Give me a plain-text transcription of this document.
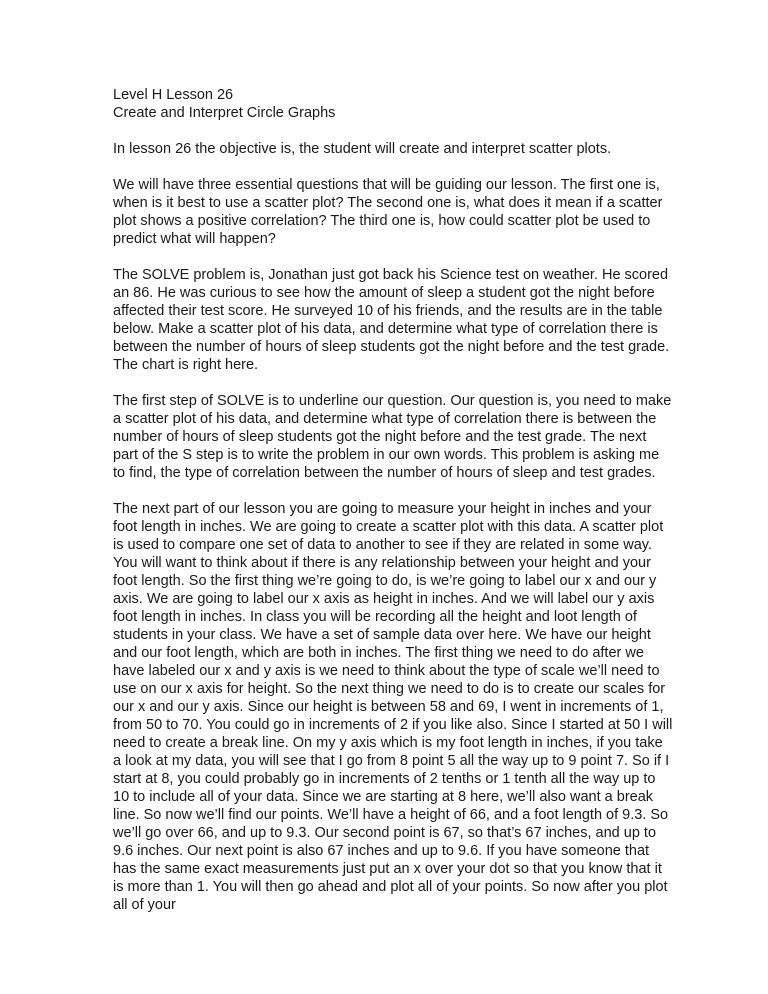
Level H Lesson 26

Create and Interpret Circle Graphs

In lesson 26 the objective is, the student will create and interpret scatter plots.

We will have three essential questions that will be guiding our lesson. The first one is, when is it best to use a scatter plot? The second one is, what does it mean if a scatter plot shows a positive correlation? The third one is, how could scatter plot be used to predict what will happen?

The SOLVE problem is, Jonathan just got back his Science test on weather. He scored an 86. He was curious to see how the amount of sleep a student got the night before affected their test score. He surveyed 10 of his friends, and the results are in the table below. Make a scatter plot of his data, and determine what type of correlation there is between the number of hours of sleep students got the night before and the test grade. The chart is right here.

The first step of SOLVE is to underline our question. Our question is, you need to make a scatter plot of his data, and determine what type of correlation there is between the number of hours of sleep students got the night before and the test grade. The next part of the S step is to write the problem in our own words. This problem is asking me to find, the type of correlation between the number of hours of sleep and test grades.

The next part of our lesson you are going to measure your height in inches and your foot length in inches. We are going to create a scatter plot with this data. A scatter plot is used to compare one set of data to another to see if they are related in some way. You will want to think about if there is any relationship between your height and your foot length. So the first thing we’re going to do, is we’re going to label our x and our y axis. We are going to label our x axis as height in inches. And we will label our y axis foot length in inches. In class you will be recording all the height and loot length of students in your class. We have a set of sample data over here. We have our height and our foot length, which are both in inches. The first thing we need to do after we have labeled our x and y axis is we need to think about the type of scale we’ll need to use on our x axis for height. So the next thing we need to do is to create our scales for our x and our y axis. Since our height is between 58 and 69, I went in increments of 1, from 50 to 70. You could go in increments of 2 if you like also. Since I started at 50 I will need to create a break line. On my y axis which is my foot length in inches, if you take a look at my data, you will see that I go from 8 point 5 all the way up to 9 point 7. So if I start at 8, you could probably go in increments of 2 tenths or 1 tenth all the way up to 10 to include all of your data. Since we are starting at 8 here, we’ll also want a break line. So now we’ll find our points. We’ll have a height of 66, and a foot length of 9.3. So we’ll go over 66, and up to 9.3. Our second point is 67, so that’s 67 inches, and up to 9.6 inches. Our next point is also 67 inches and up to 9.6. If you have someone that has the same exact measurements just put an x over your dot so that you know that it is more than 1. You will then go ahead and plot all of your points. So now after you plot all of your
